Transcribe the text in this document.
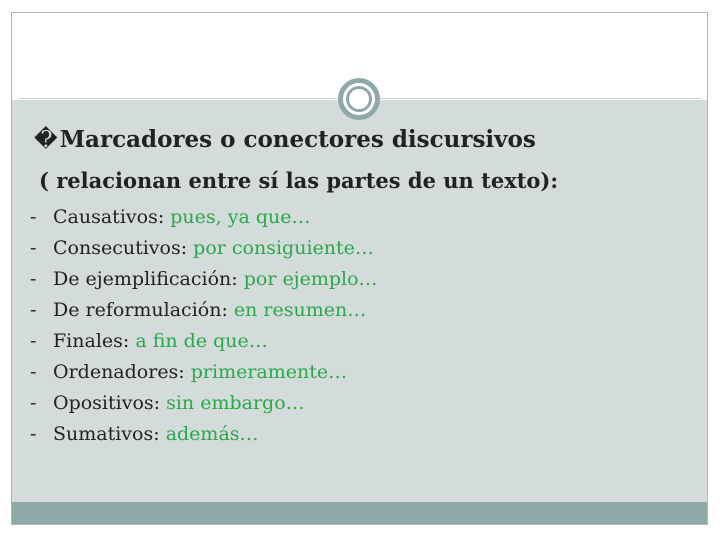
�Marcadores o conectores discursivos

( relacionan entre sí las partes de un texto):

- Causativos: pues, ya que…
- Consecutivos: por consiguiente…
- De ejemplificación: por ejemplo…
- De reformulación: en resumen…
- Finales: a fin de que…
- Ordenadores: primeramente…
- Opositivos: sin embargo…
- Sumativos: además…
